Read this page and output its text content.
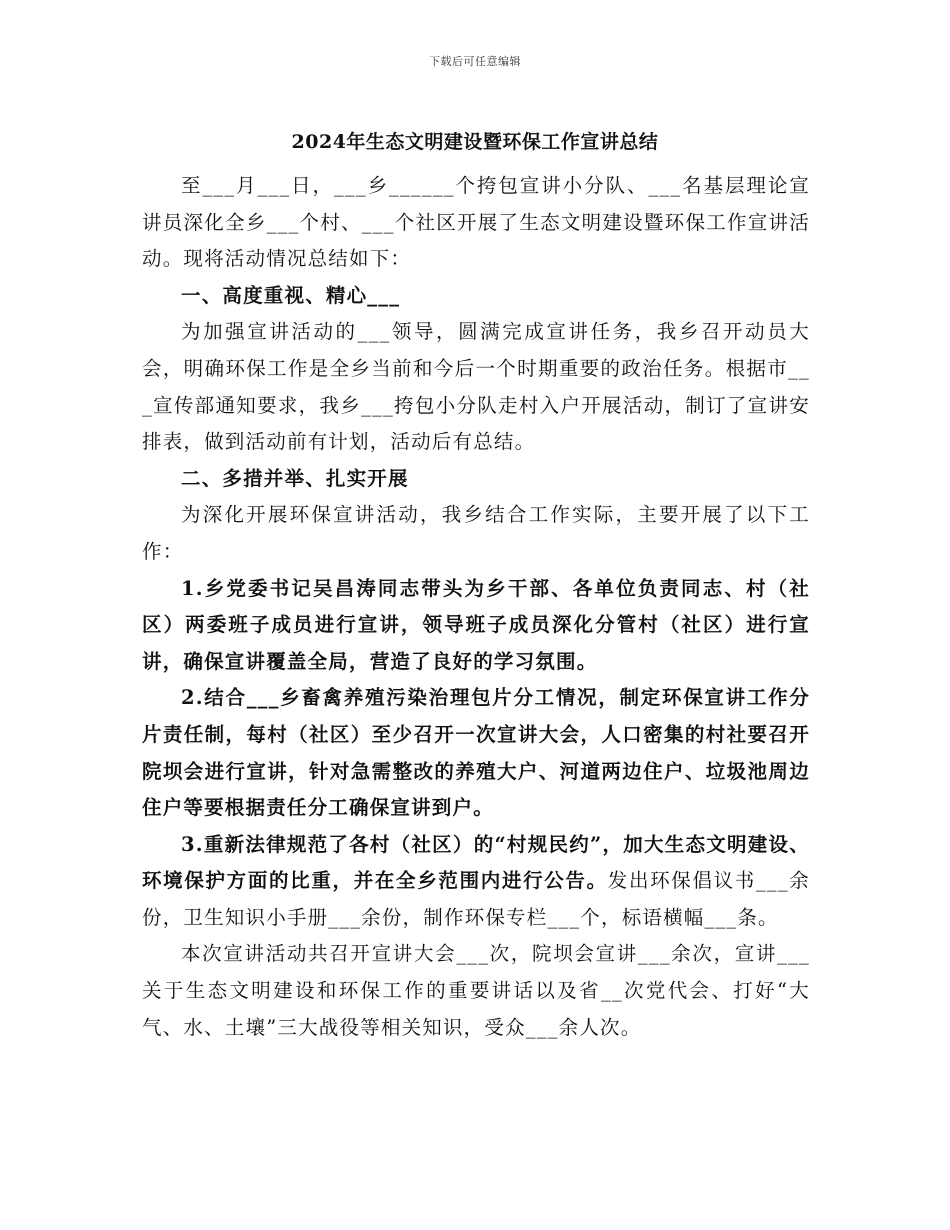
下载后可任意编辑
2024年生态文明建设暨环保工作宣讲总结

至___月___日，___乡______个挎包宣讲小分队、___名基层理论宣讲员深化全乡___个村、___个社区开展了生态文明建设暨环保工作宣讲活动。现将活动情况总结如下：

一、高度重视、精心___

为加强宣讲活动的___领导，圆满完成宣讲任务，我乡召开动员大会，明确环保工作是全乡当前和今后一个时期重要的政治任务。根据市___宣传部通知要求，我乡___挎包小分队走村入户开展活动，制订了宣讲安排表，做到活动前有计划，活动后有总结。

二、多措并举、扎实开展

为深化开展环保宣讲活动，我乡结合工作实际，主要开展了以下工作：

1.乡党委书记吴昌涛同志带头为乡干部、各单位负责同志、村（社区）两委班子成员进行宣讲，领导班子成员深化分管村（社区）进行宣讲，确保宣讲覆盖全局，营造了良好的学习氛围。

2.结合___乡畜禽养殖污染治理包片分工情况，制定环保宣讲工作分片责任制，每村（社区）至少召开一次宣讲大会，人口密集的村社要召开院坝会进行宣讲，针对急需整改的养殖大户、河道两边住户、垃圾池周边住户等要根据责任分工确保宣讲到户。

3.重新法律规范了各村（社区）的“村规民约”，加大生态文明建设、环境保护方面的比重，并在全乡范围内进行公告。发出环保倡议书___余份，卫生知识小手册___余份，制作环保专栏___个，标语横幅___条。

本次宣讲活动共召开宣讲大会___次，院坝会宣讲___余次，宣讲___关于生态文明建设和环保工作的重要讲话以及省__次党代会、打好“大气、水、土壤”三大战役等相关知识，受众___余人次。
